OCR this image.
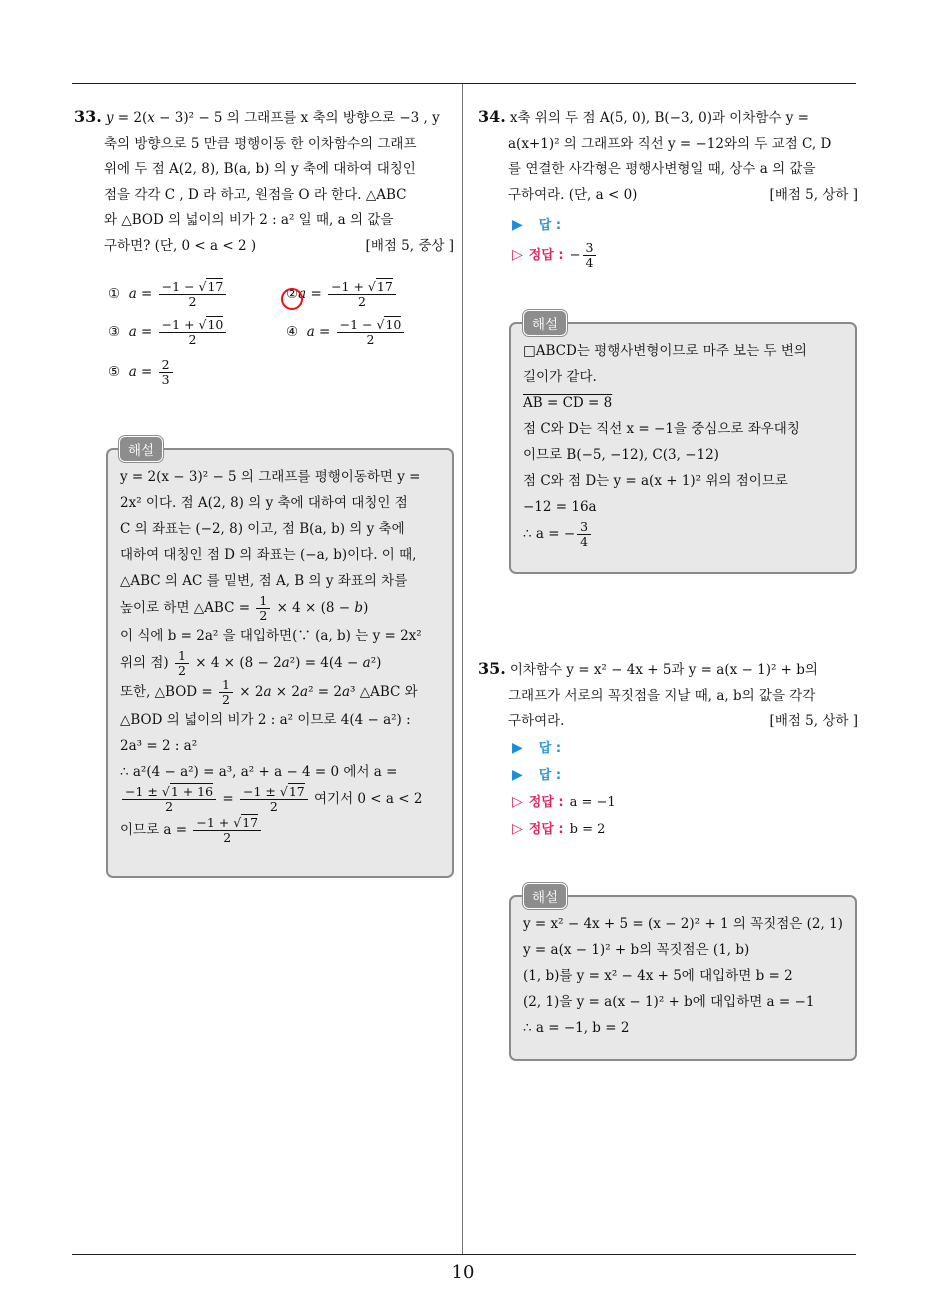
33. y = 2(x − 3)² − 5 의 그래프를 x 축의 방향으로 −3 , y
축의 방향으로 5 만큼 평행이동 한 이차함수의 그래프
위에 두 점 A(2, 8), B(a, b) 의 y 축에 대하여 대칭인
점을 각각 C , D 라 하고, 원점을 O 라 한다. △ABC
와 △BOD 의 넓이의 비가 2 : a² 일 때, a 의 값을
구하면? (단, 0 < a < 2 )	[배점 5, 중상 ]
① $a = \frac{-1 - √17}{2}$	②a = $\frac{-1 + √17}{2}$
③ $a = \frac{-1 + √10}{2}$	④ $a = \frac{-1 - √10}{2}$
⑤ $a = \frac{2}{3}$
y = 2(x − 3)² − 5 의 그래프를 평행이동하면 y =
2x² 이다. 점 A(2, 8) 의 y 축에 대하여 대칭인 점
C 의 좌표는 (−2, 8) 이고, 점 B(a, b) 의 y 축에
대하여 대칭인 점 D 의 좌표는 (−a, b)이다. 이 때,
△ABC 의 AC 를 밑변, 점 A, B 의 y 좌표의 차를
높이로 하면 △ABC = $\frac{1}{2} \times 4 \times (8 - b)$
이 식에 b = 2a² 을 대입하면(∵ (a, b) 는 y = 2x²
위의 점) $\frac{1}{2} \times 4 \times (8 - 2a^2) = 4(4 - a^2)$
또한, △BOD = $\frac{1}{2} \times 2a \times 2a^2 = 2a^3$ △ABC 와
△BOD 의 넓이의 비가 2 : a² 이므로 4(4 − a²) :
2a³ = 2 : a²
∴ a²(4 − a²) = a³, a² + a − 4 = 0 에서 a =
$\frac{-1 \pm √1 + 16}{2} = \frac{-1 \pm √17}{2}$ 여기서 0 < a < 2
이므로 $a = \frac{-1 + √17}{2}$
해설
34. x축 위의 두 점 A(5, 0), B(−3, 0)과 이차함수 y =
a(x+1)² 의 그래프와 직선 y = −12와의 두 교점 C, D
를 연결한 사각형은 평행사변형일 때, 상수 a 의 값을
구하여라. (단, a < 0)	[배점 5, 상하 ]
▶ 답 :
▷ 정답 : − $\frac{3}{4}$
□ABCD는 평행사변형이므로 마주 보는 두 변의
길이가 같다.
AB = CD = 8
점 C와 D는 직선 x = −1을 중심으로 좌우대칭
이므로 B(−5, −12), C(3, −12)
점 C와 점 D는 y = a(x + 1)² 위의 점이므로
−12 = 16a
∴ a = − $\frac{3}{4}$
해설
35. 이차함수 y = x² − 4x + 5과 y = a(x − 1)² + b의
그래프가 서로의 꼭짓점을 지날 때, a, b의 값을 각각
구하여라.	[배점 5, 상하 ]
▶ 답 :
▶ 답 :
▷ 정답 : a = −1
▷ 정답 : b = 2
y = x² − 4x + 5 = (x − 2)² + 1 의 꼭짓점은 (2, 1)
y = a(x − 1)² + b의 꼭짓점은 (1, b)
(1, b)를 y = x² − 4x + 5에 대입하면 b = 2
(2, 1)을 y = a(x − 1)² + b에 대입하면 a = −1
∴ a = −1, b = 2
해설
10
